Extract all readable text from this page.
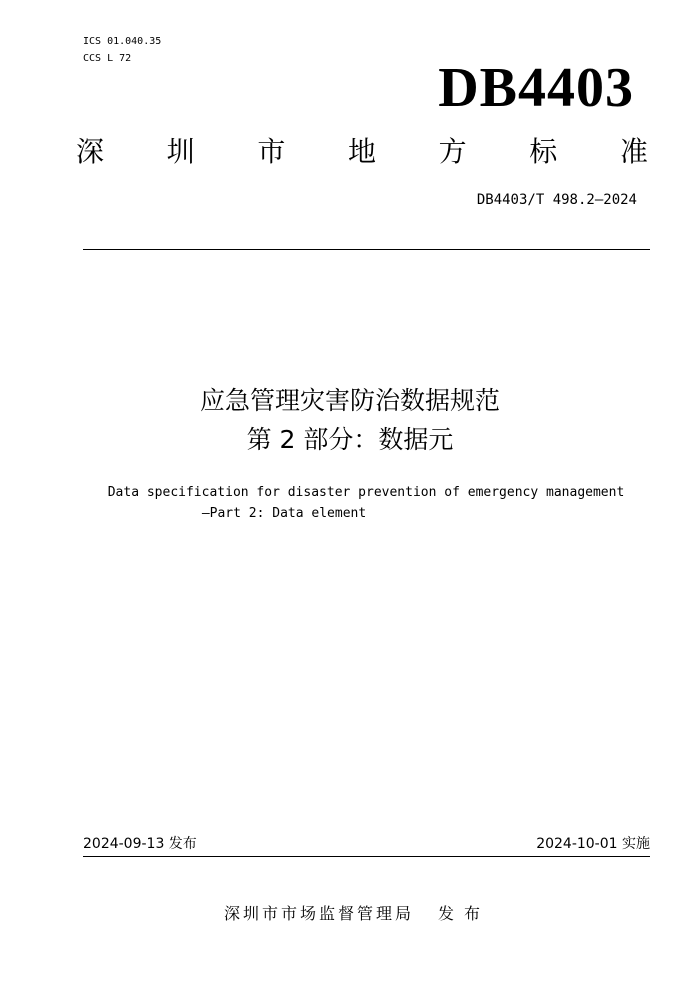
ICS 01.040.35
CCS L 72	DB4403
深 圳 市 地 方 标 准
DB4403/T 498.2—2024
应急管理灾害防治数据规范
第 2 部分：数据元
Data specification for disaster prevention of emergency management
—Part 2: Data element
2024-09-13 发布	2024-10-01 实施
深圳市市场监督管理局 发布
